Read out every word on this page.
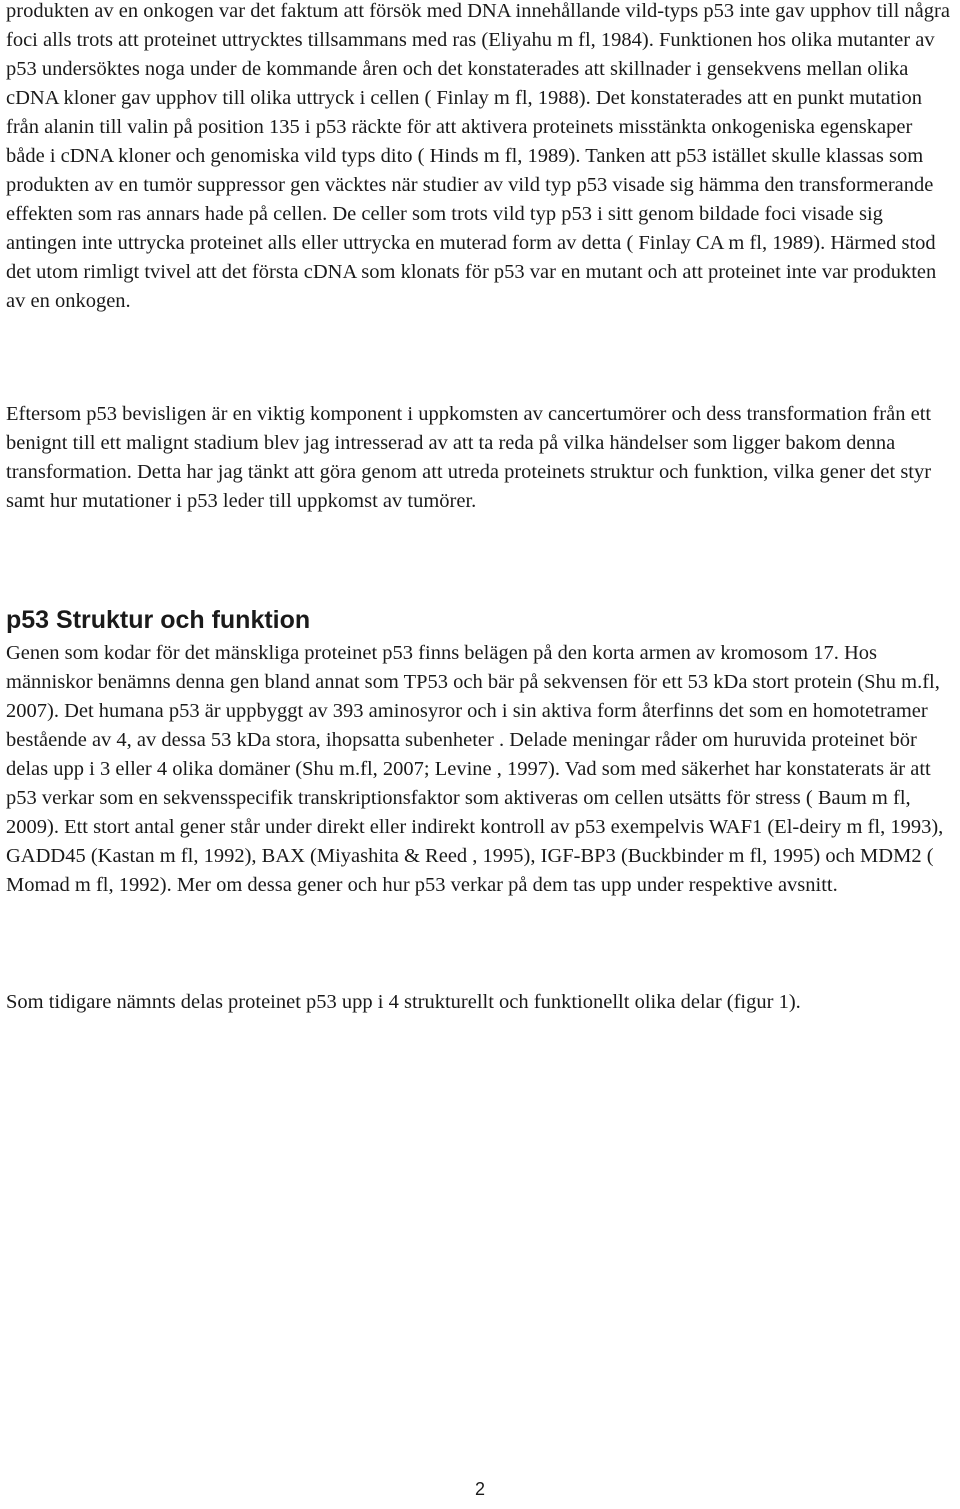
produkten av en onkogen var det faktum att försök med DNA innehållande vild-typs p53 inte gav upphov till några foci alls trots att proteinet uttrycktes tillsammans med ras (Eliyahu m fl, 1984). Funktionen hos olika mutanter av p53 undersöktes noga under de kommande åren och det konstaterades att skillnader i gensekvens mellan olika cDNA kloner gav upphov till olika uttryck i cellen ( Finlay m fl, 1988). Det konstaterades att en punkt mutation från alanin till valin på position 135 i p53 räckte för att aktivera proteinets misstänkta onkogeniska egenskaper både i cDNA kloner och genomiska vild typs dito ( Hinds m fl, 1989). Tanken att p53 istället skulle klassas som produkten av en tumör suppressor gen väcktes när studier av vild typ p53 visade sig hämma den transformerande effekten som ras annars hade på cellen. De celler som trots vild typ p53 i sitt genom bildade foci visade sig antingen inte uttrycka proteinet alls eller uttrycka en muterad form av detta ( Finlay CA m fl, 1989). Härmed stod det utom rimligt tvivel att det första cDNA som klonats för p53 var en mutant och att proteinet inte var produkten av en onkogen.

Eftersom p53 bevisligen är en viktig komponent i uppkomsten av cancertumörer och dess transformation från ett benignt till ett malignt stadium blev jag intresserad av att ta reda på vilka händelser som ligger bakom denna transformation. Detta har jag tänkt att göra genom att utreda proteinets struktur och funktion, vilka gener det styr samt hur mutationer i p53 leder till uppkomst av tumörer.

p53 Struktur och funktion

Genen som kodar för det mänskliga proteinet p53 finns belägen på den korta armen av kromosom 17. Hos människor benämns denna gen bland annat som TP53 och bär på sekvensen för ett 53 kDa stort protein (Shu m.fl, 2007). Det humana p53 är uppbyggt av 393 aminosyror och i sin aktiva form återfinns det som en homotetramer bestående av 4, av dessa 53 kDa stora, ihopsatta subenheter . Delade meningar råder om huruvida proteinet bör delas upp i 3 eller 4 olika domäner (Shu m.fl, 2007; Levine , 1997). Vad som med säkerhet har konstaterats är att p53 verkar som en sekvensspecifik transkriptionsfaktor som aktiveras om cellen utsätts för stress ( Baum m fl, 2009). Ett stort antal gener står under direkt eller indirekt kontroll av p53 exempelvis WAF1 (El-deiry m fl, 1993), GADD45 (Kastan m fl, 1992), BAX (Miyashita & Reed , 1995), IGF-BP3 (Buckbinder m fl, 1995) och MDM2 ( Momad m fl, 1992). Mer om dessa gener och hur p53 verkar på dem tas upp under respektive avsnitt.

Som tidigare nämnts delas proteinet p53 upp i 4 strukturellt och funktionellt olika delar (figur 1).

2
